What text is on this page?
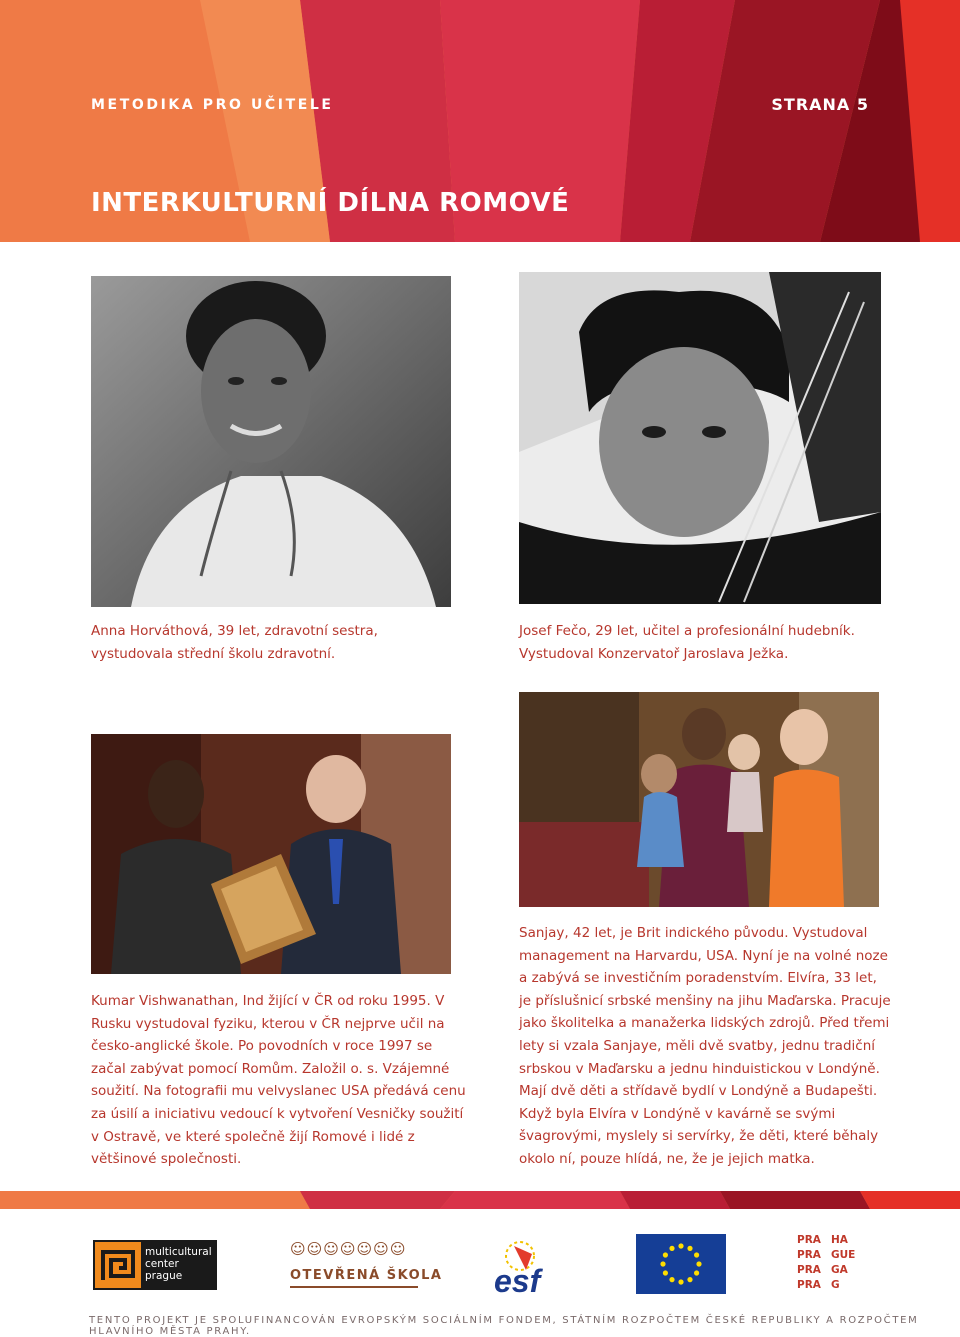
METODIKA PRO UČITELE	STRANA 5
INTERKULTURNÍ DÍLNA ROMOVÉ
Anna Horváthová, 39 let, zdravotní sestra, vystudovala střední školu zdravotní.
Josef Fečo, 29 let, učitel a profesionální hudebník. Vystudoval Konzervatoř Jaroslava Ježka.
Kumar Vishwanathan, Ind žijící v ČR od roku 1995. V Rusku vystudoval fyziku, kterou v ČR nejprve učil na česko-anglické škole. Po povodních v roce 1997 se začal zabývat pomocí Romům. Založil o. s. Vzájemné soužití. Na fotografii mu velvyslanec USA předává cenu za úsilí a iniciativu vedoucí k vytvoření Vesničky soužití v Ostravě, ve které společně žijí Romové i lidé z většinové společnosti.
Sanjay, 42 let, je Brit indického původu. Vystudoval management na Harvardu, USA. Nyní je na volné noze a zabývá se investičním poradenstvím. Elvíra, 33 let, je příslušnicí srbské menšiny na jihu Maďarska. Pracuje jako školitelka a manažerka lidských zdrojů. Před třemi lety si vzala Sanjaye, měli dvě svatby, jednu tradiční srbskou v Maďarsku a jednu hinduistickou v Londýně. Mají dvě děti a střídavě bydlí v Londýně a Budapešti. Když byla Elvíra v Londýně v kavárně se svými švagrovými, myslely si servírky, že děti, které běhaly okolo ní, pouze hlídá, ne, že je jejich matka.
multicultural
center
prague
☺☺☺☺☺☺☺
OTEVŘENÁ ŠKOLA esf
PRA HA
PRA GUE
PRA GA
PRA G
TENTO PROJEKT JE SPOLUFINANCOVÁN EVROPSKÝM SOCIÁLNÍM FONDEM, STÁTNÍM ROZPOČTEM ČESKÉ REPUBLIKY A ROZPOČTEM HLAVNÍHO MĚSTA PRAHY.
